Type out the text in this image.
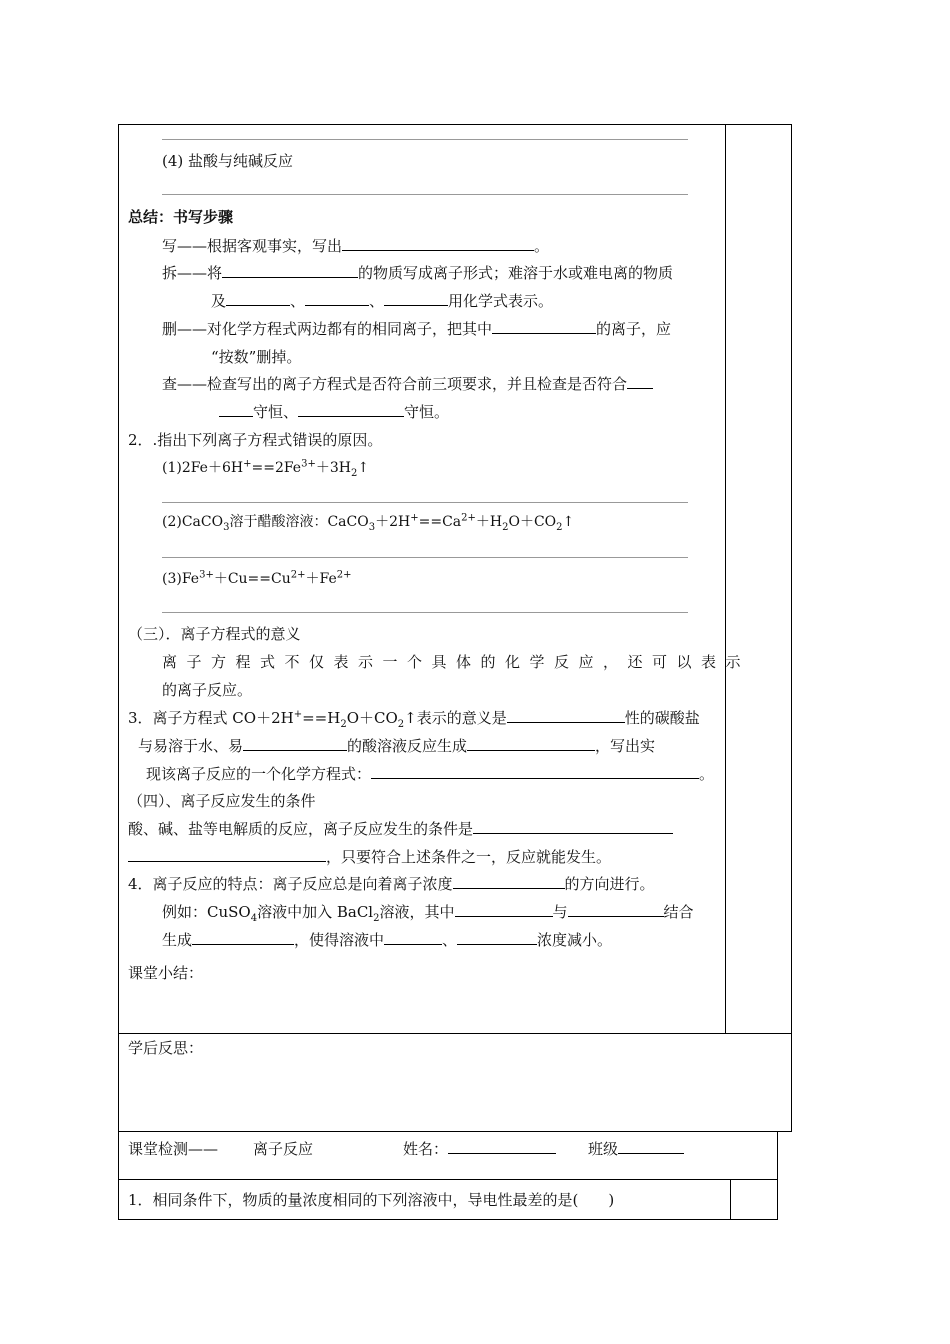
(4) 盐酸与纯碱反应
总结：书写步骤
写——根据客观事实，写出	。
拆——将	的物质写成离子形式；难溶于水或难电离的物质
及	、	、	用化学式表示。
删——对化学方程式两边都有的相同离子，把其中	的离子，应
“按数”删掉。
查——检查写出的离子方程式是否符合前三项要求，并且检查是否符合
守恒、	守恒。
2．.指出下列离子方程式错误的原因。
$(1)2Fe+6H^+==2Fe^{3+}+3H_2↑$
(2)CaCO$_3$溶于醋酸溶液：$CaCO_3+2H^+==Ca^{2+}+H_2O+CO_2↑$
$(3)Fe^{3+}+Cu==Cu^{2+}+Fe^{2+}$
（三）．离子方程式的意义
离子方程式不仅表示一个具体的化学反应，还可以表示
的离子反应。
3．离子方程式 $CO+2H^+==H_2O+CO_2↑$表示的意义是	性的碳酸盐
与易溶于水、易	的酸溶液反应生成	，写出实
现该离子反应的一个化学方程式：	。
（四）、离子反应发生的条件
酸、碱、盐等电解质的反应，离子反应发生的条件是
，只要符合上述条件之一，反应就能发生。
4．离子反应的特点：离子反应总是向着离子浓度	的方向进行。
例如：CuSO$_4$溶液中加入 BaCl$_2$溶液，其中	与	结合
生成	，使得溶液中	、	浓度减小。
课堂小结：
学后反思：
课堂检测—— 离子反应	姓名：	班级
1．相同条件下，物质的量浓度相同的下列溶液中，导电性最差的是(　　)
